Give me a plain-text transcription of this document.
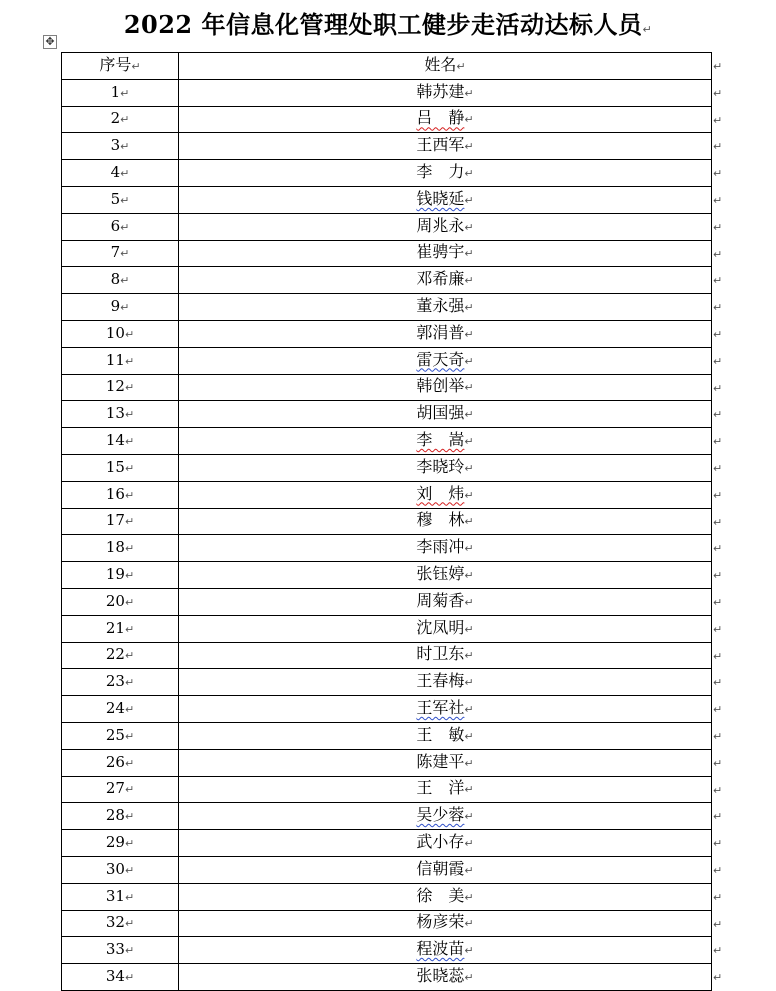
2022 年信息化管理处职工健步走活动达标人员↵
✥
序号↵	姓名↵
1↵	韩苏建↵
2↵	吕　静↵
3↵	王西军↵
4↵	李　力↵
5↵	钱晓延↵
6↵	周兆永↵
7↵	崔骋宇↵
8↵	邓希廉↵
9↵	董永强↵
10↵	郭涓普↵
11↵	雷天奇↵
12↵	韩创举↵
13↵	胡国强↵
14↵	李　嵩↵
15↵	李晓玲↵
16↵	刘　炜↵
17↵	穆　林↵
18↵	李雨冲↵
19↵	张钰婷↵
20↵	周菊香↵
21↵	沈凤明↵
22↵	时卫东↵
23↵	王春梅↵
24↵	王军社↵
25↵	王　敏↵
26↵	陈建平↵
27↵	王　洋↵
28↵	吴少蓉↵
29↵	武小存↵
30↵	信朝霞↵
31↵	徐　美↵
32↵	杨彦荣↵
33↵	程波苗↵
34↵	张晓蕊↵
↵
↵
↵
↵
↵
↵
↵
↵
↵
↵
↵
↵
↵
↵
↵
↵
↵
↵
↵
↵
↵
↵
↵
↵
↵
↵
↵
↵
↵
↵
↵
↵
↵
↵
↵
